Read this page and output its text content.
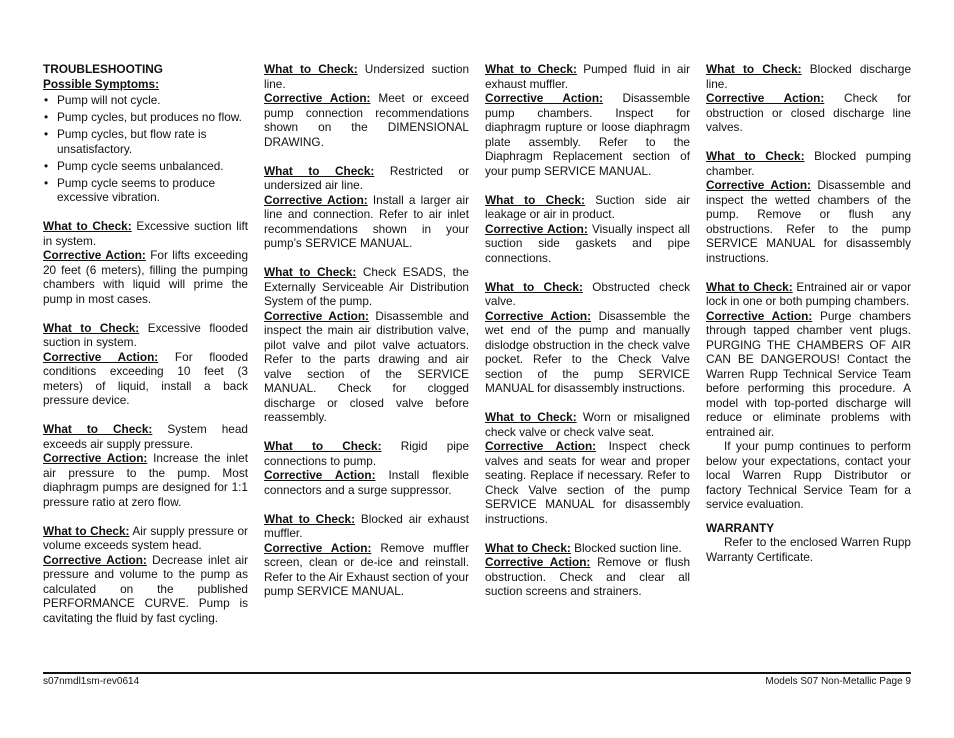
TROUBLESHOOTING
Possible Symptoms:
• Pump will not cycle.
• Pump cycles, but produces no flow.
• Pump cycles, but flow rate is unsatisfactory.
• Pump cycle seems unbalanced.
• Pump cycle seems to produce excessive vibration.

What to Check: Excessive suction lift in system.

Corrective Action: For lifts exceeding 20 feet (6 meters), filling the pumping chambers with liquid will prime the pump in most cases.

What to Check: Excessive flooded suction in system.

Corrective Action: For flooded conditions exceeding 10 feet (3 meters) of liquid, install a back pressure device.

What to Check: System head exceeds air supply pressure.

Corrective Action: Increase the inlet air pressure to the pump. Most diaphragm pumps are designed for 1:1 pressure ratio at zero flow.

What to Check: Air supply pressure or volume exceeds system head.

Corrective Action: Decrease inlet air pressure and volume to the pump as calculated on the published PERFORMANCE CURVE. Pump is cavitating the fluid by fast cycling.

What to Check: Undersized suction line.

Corrective Action: Meet or exceed pump connection recommendations shown on the DIMENSIONAL DRAWING.

What to Check: Restricted or undersized air line.

Corrective Action: Install a larger air line and connection. Refer to air inlet recommendations shown in your pump’s SERVICE MANUAL.

What to Check: Check ESADS, the Externally Serviceable Air Distribution System of the pump.

Corrective Action: Disassemble and inspect the main air distribution valve, pilot valve and pilot valve actuators. Refer to the parts drawing and air valve section of the SERVICE MANUAL. Check for clogged discharge or closed valve before reassembly.

What to Check: Rigid pipe connections to pump.

Corrective Action: Install flexible connectors and a surge suppressor.

What to Check: Blocked air exhaust muffler.

Corrective Action: Remove muffler screen, clean or de-ice and reinstall. Refer to the Air Exhaust section of your pump SERVICE MANUAL.

What to Check: Pumped fluid in air exhaust muffler.

Corrective Action: Disassemble pump chambers. Inspect for diaphragm rupture or loose diaphragm plate assembly. Refer to the Diaphragm Replacement section of your pump SERVICE MANUAL.

What to Check: Suction side air leakage or air in product.

Corrective Action: Visually inspect all suction side gaskets and pipe connections.

What to Check: Obstructed check valve.

Corrective Action: Disassemble the wet end of the pump and manually dislodge obstruction in the check valve pocket. Refer to the Check Valve section of the pump SERVICE MANUAL for disassembly instructions.

What to Check: Worn or misaligned check valve or check valve seat.

Corrective Action: Inspect check valves and seats for wear and proper seating. Replace if necessary. Refer to Check Valve section of the pump SERVICE MANUAL for disassembly instructions.

What to Check: Blocked suction line.

Corrective Action: Remove or flush obstruction. Check and clear all suction screens and strainers.

What to Check: Blocked discharge line.

Corrective Action: Check for obstruction or closed discharge line valves.

What to Check: Blocked pumping chamber.

Corrective Action: Disassemble and inspect the wetted chambers of the pump. Remove or flush any obstructions. Refer to the pump SERVICE MANUAL for disassembly instructions.

What to Check: Entrained air or vapor lock in one or both pumping chambers.

Corrective Action: Purge chambers through tapped chamber vent plugs. PURGING THE CHAMBERS OF AIR CAN BE DANGEROUS! Contact the Warren Rupp Technical Service Team before performing this procedure. A model with top-ported discharge will reduce or eliminate problems with entrained air.

If your pump continues to perform below your expectations, contact your local Warren Rupp Distributor or factory Technical Service Team for a service evaluation.

WARRANTY

Refer to the enclosed Warren Rupp Warranty Certificate.

s07nmdl1sm-rev0614	Models S07 Non-Metallic Page 9
